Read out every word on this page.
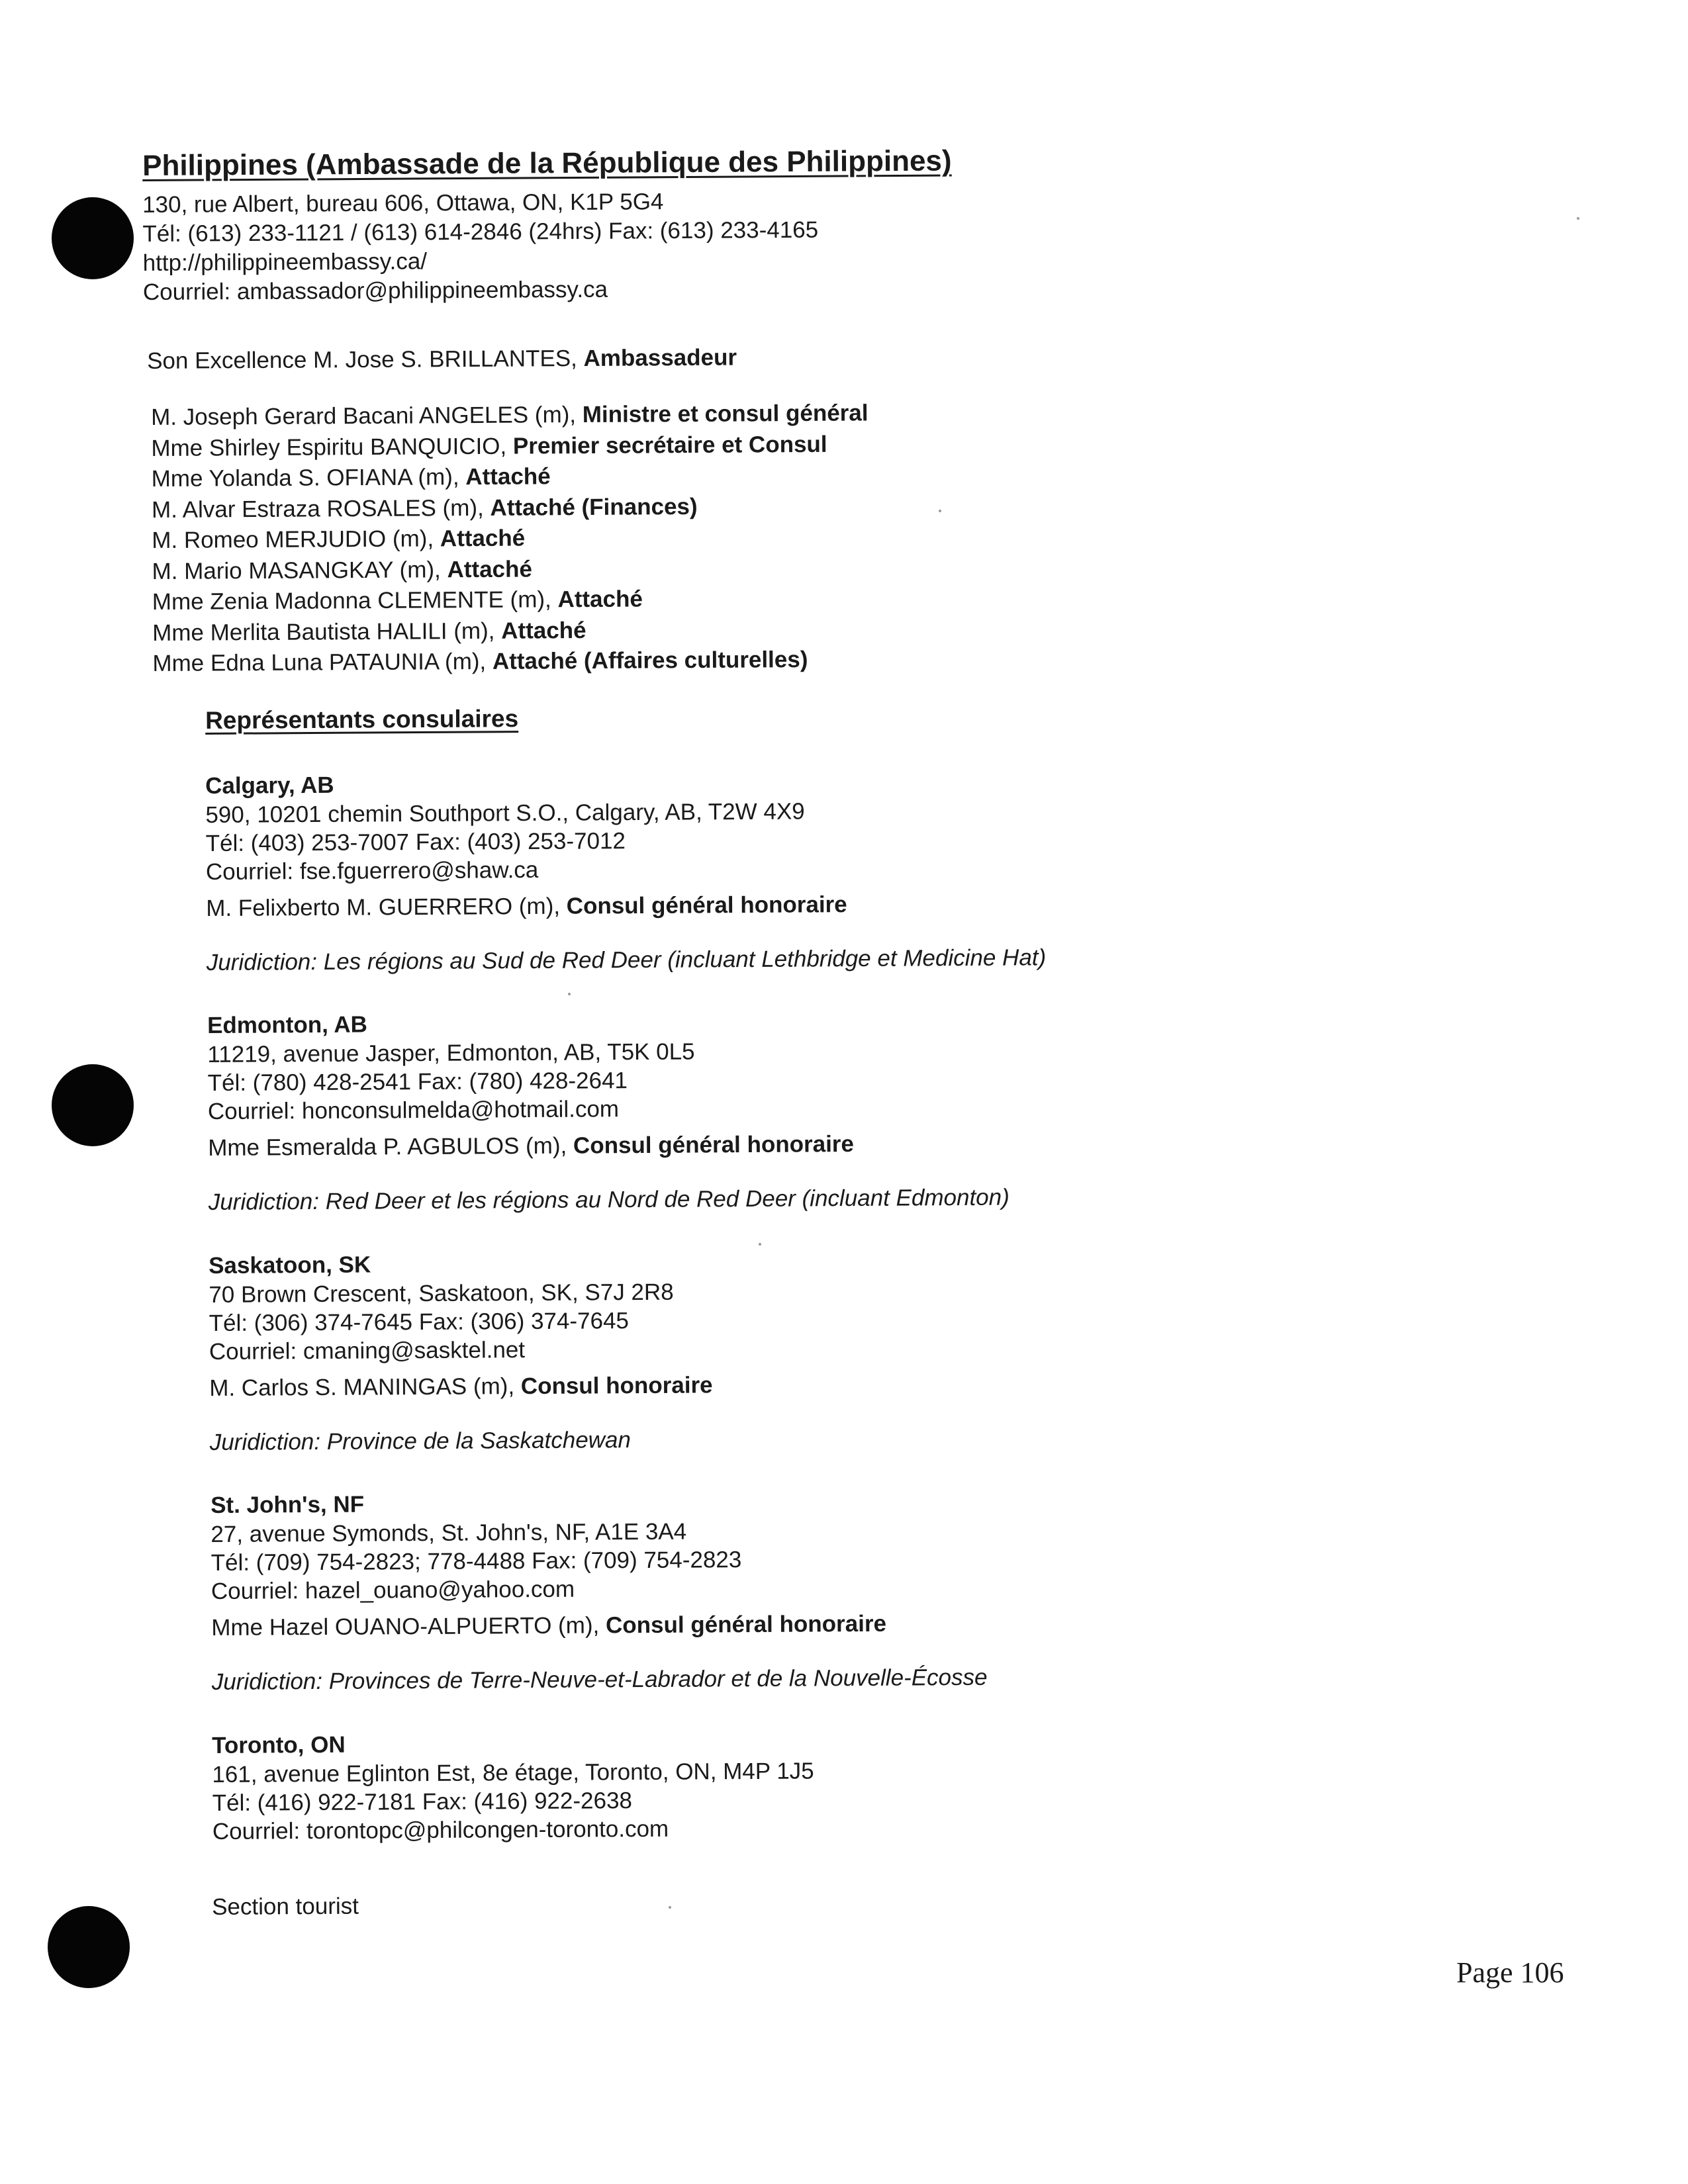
Philippines (Ambassade de la République des Philippines)
130, rue Albert, bureau 606, Ottawa, ON, K1P 5G4
Tél: (613) 233-1121 / (613) 614-2846 (24hrs) Fax: (613) 233-4165
http://philippineembassy.ca/
Courriel: ambassador@philippineembassy.ca
Son Excellence M. Jose S. BRILLANTES, Ambassadeur
M. Joseph Gerard Bacani ANGELES (m), Ministre et consul général
Mme Shirley Espiritu BANQUICIO, Premier secrétaire et Consul
Mme Yolanda S. OFIANA (m), Attaché
M. Alvar Estraza ROSALES (m), Attaché (Finances)
M. Romeo MERJUDIO (m), Attaché
M. Mario MASANGKAY (m), Attaché
Mme Zenia Madonna CLEMENTE (m), Attaché
Mme Merlita Bautista HALILI (m), Attaché
Mme Edna Luna PATAUNIA (m), Attaché (Affaires culturelles)
Représentants consulaires
Calgary, AB
590, 10201 chemin Southport S.O., Calgary, AB, T2W 4X9
Tél: (403) 253-7007 Fax: (403) 253-7012
Courriel: fse.fguerrero@shaw.ca
M. Felixberto M. GUERRERO (m), Consul général honoraire
Juridiction: Les régions au Sud de Red Deer (incluant Lethbridge et Medicine Hat)
Edmonton, AB
11219, avenue Jasper, Edmonton, AB, T5K 0L5
Tél: (780) 428-2541 Fax: (780) 428-2641
Courriel: honconsulmelda@hotmail.com
Mme Esmeralda P. AGBULOS (m), Consul général honoraire
Juridiction: Red Deer et les régions au Nord de Red Deer (incluant Edmonton)
Saskatoon, SK
70 Brown Crescent, Saskatoon, SK, S7J 2R8
Tél: (306) 374-7645 Fax: (306) 374-7645
Courriel: cmaning@sasktel.net
M. Carlos S. MANINGAS (m), Consul honoraire
Juridiction: Province de la Saskatchewan
St. John's, NF
27, avenue Symonds, St. John's, NF, A1E 3A4
Tél: (709) 754-2823; 778-4488 Fax: (709) 754-2823
Courriel: hazel_ouano@yahoo.com
Mme Hazel OUANO-ALPUERTO (m), Consul général honoraire
Juridiction: Provinces de Terre-Neuve-et-Labrador et de la Nouvelle-Écosse
Toronto, ON
161, avenue Eglinton Est, 8e étage, Toronto, ON, M4P 1J5
Tél: (416) 922-7181 Fax: (416) 922-2638
Courriel: torontopc@philcongen-toronto.com
Section tourist
Page 106
